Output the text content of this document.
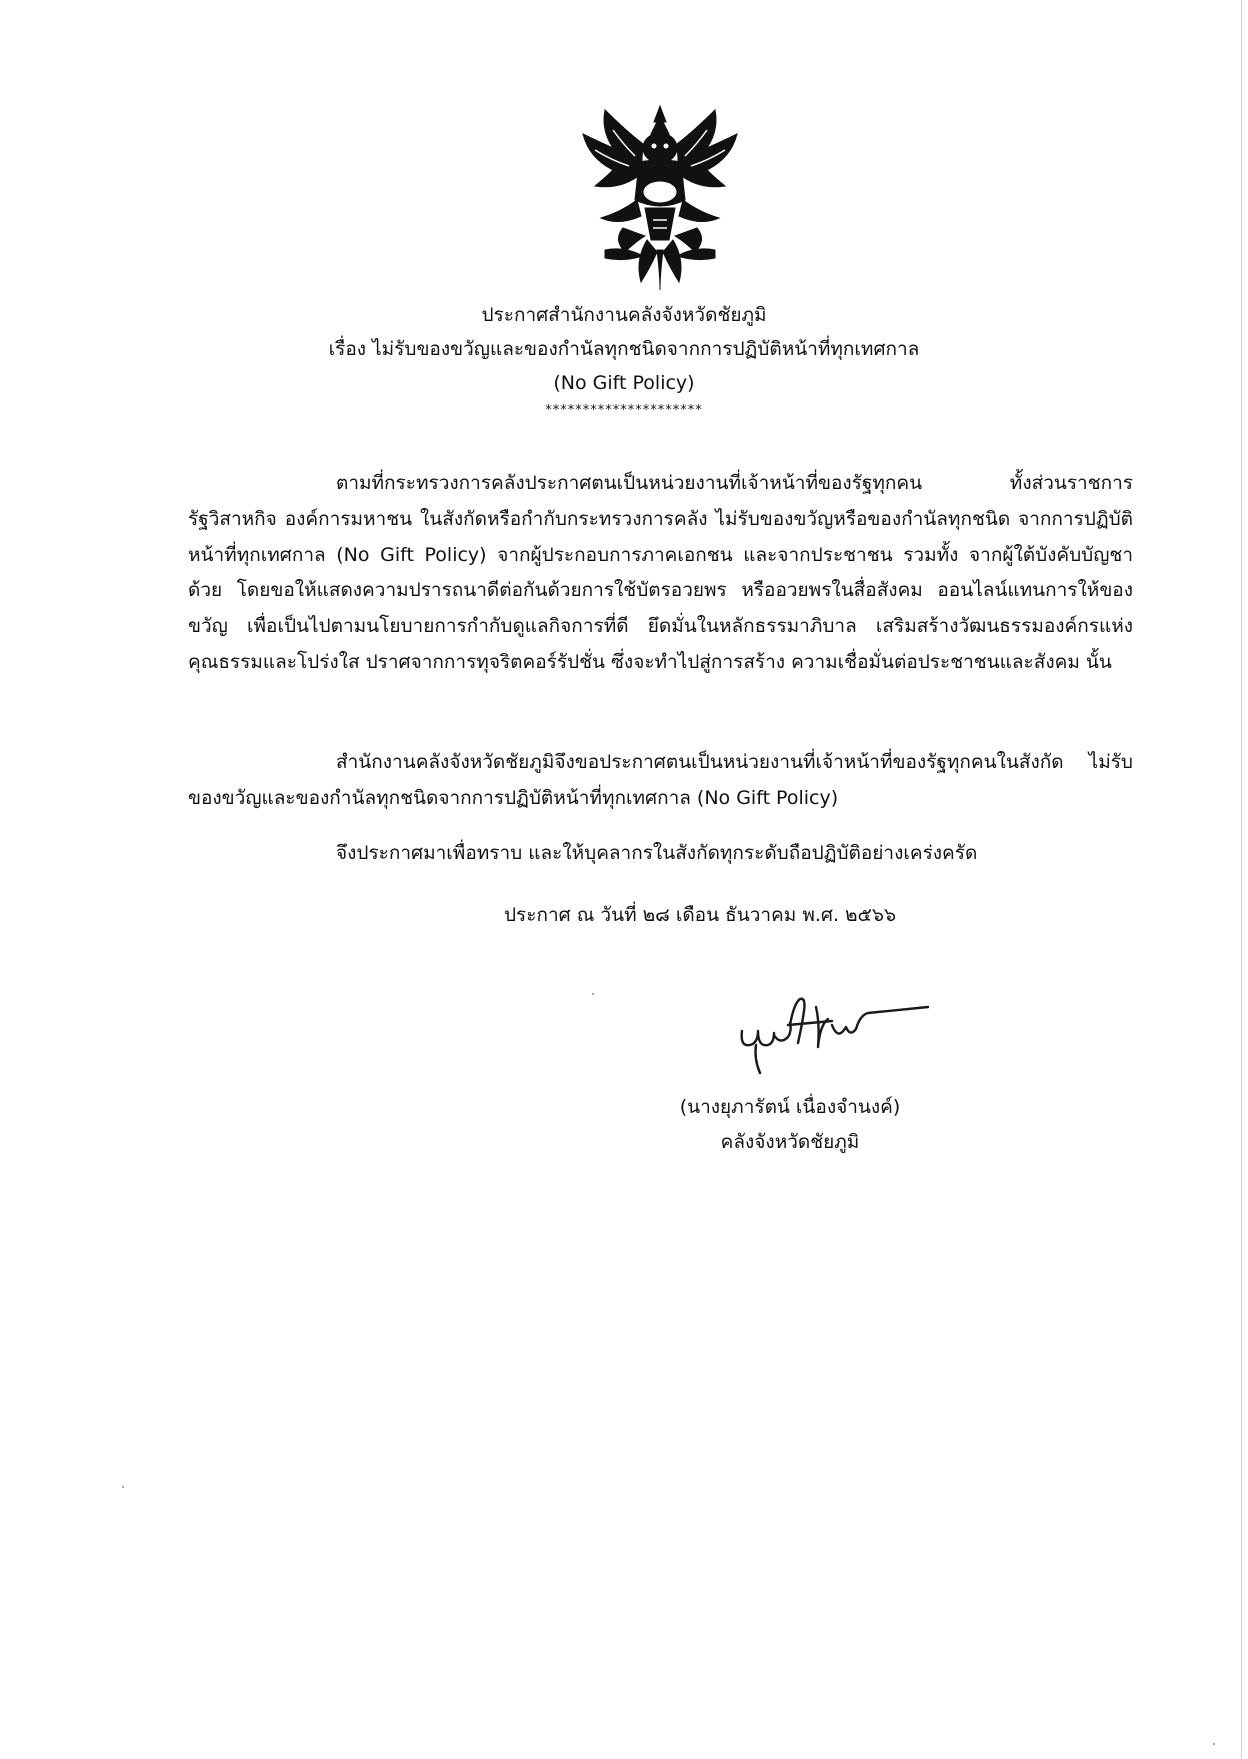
ประกาศสำนักงานคลังจังหวัดชัยภูมิ
เรื่อง ไม่รับของขวัญและของกำนัลทุกชนิดจากการปฏิบัติหน้าที่ทุกเทศกาล
(No Gift Policy)
*********************
ตามที่กระทรวงการคลังประกาศตนเป็นหน่วยงานที่เจ้าหน้าที่ของรัฐทุกคน ทั้งส่วนราชการ รัฐวิสาหกิจ องค์การมหาชน ในสังกัดหรือกำกับกระทรวงการคลัง ไม่รับของขวัญหรือของกำนัลทุกชนิด จากการปฏิบัติหน้าที่ทุกเทศกาล (No Gift Policy) จากผู้ประกอบการภาคเอกชน และจากประชาชน รวมทั้ง จากผู้ใต้บังคับบัญชาด้วย โดยขอให้แสดงความปรารถนาดีต่อกันด้วยการใช้บัตรอวยพร หรืออวยพรในสื่อสังคม ออนไลน์แทนการให้ของขวัญ เพื่อเป็นไปตามนโยบายการกำกับดูแลกิจการที่ดี ยึดมั่นในหลักธรรมาภิบาล เสริมสร้างวัฒนธรรมองค์กรแห่งคุณธรรมและโปร่งใส ปราศจากการทุจริตคอร์รัปชั่น ซึ่งจะทำไปสู่การสร้าง ความเชื่อมั่นต่อประชาชนและสังคม นั้น
สำนักงานคลังจังหวัดชัยภูมิจึงขอประกาศตนเป็นหน่วยงานที่เจ้าหน้าที่ของรัฐทุกคนในสังกัด ไม่รับของขวัญและของกำนัลทุกชนิดจากการปฏิบัติหน้าที่ทุกเทศกาล (No Gift Policy)
จึงประกาศมาเพื่อทราบ และให้บุคลากรในสังกัดทุกระดับถือปฏิบัติอย่างเคร่งครัด
ประกาศ ณ วันที่ ๒๘ เดือน ธันวาคม พ.ศ. ๒๕๖๖
(นางยุภารัตน์ เนื่องจำนงค์)
คลังจังหวัดชัยภูมิ
